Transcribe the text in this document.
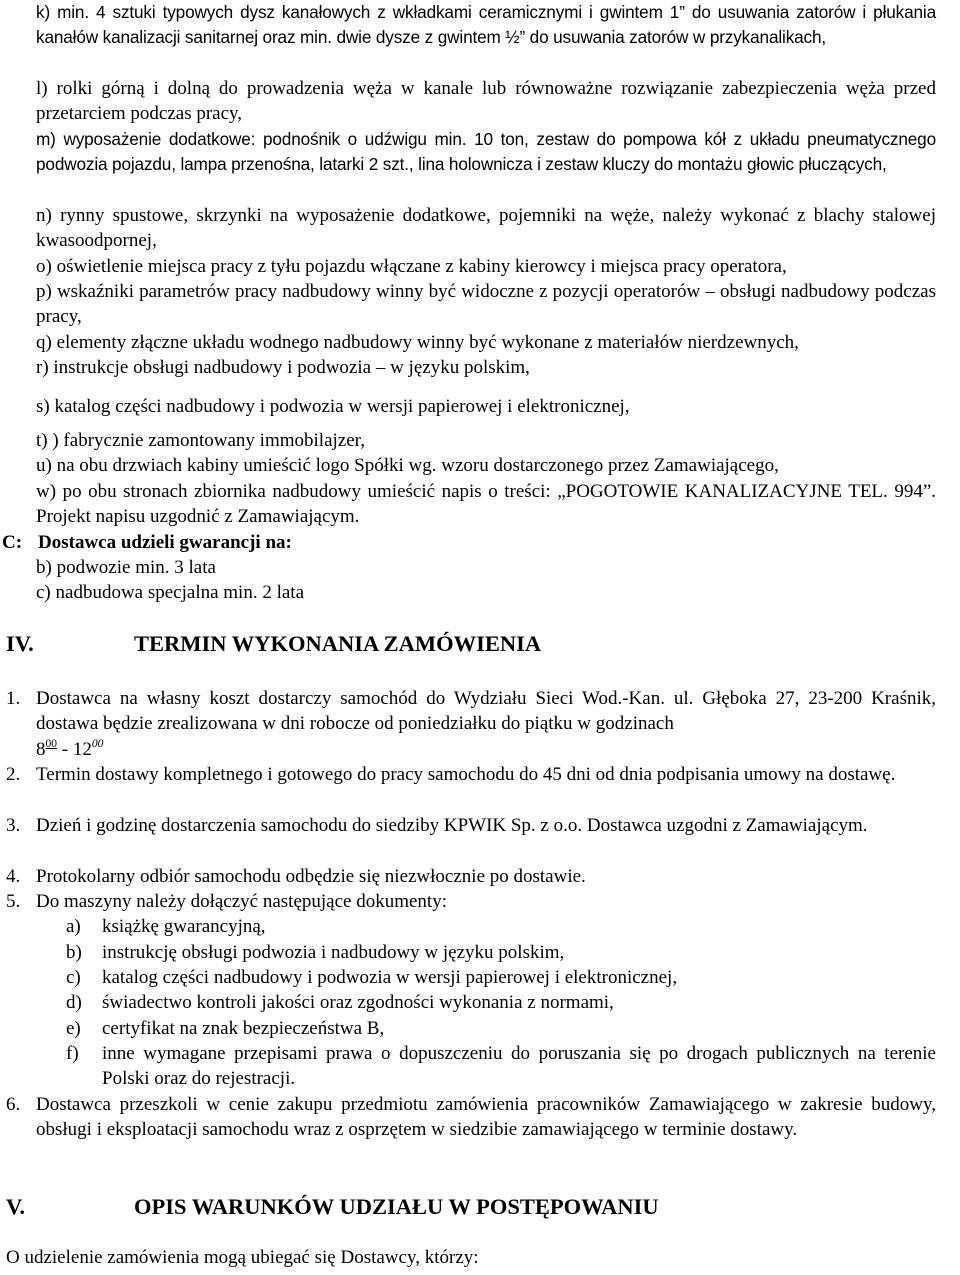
k) min. 4 sztuki typowych dysz kanałowych z wkładkami ceramicznymi i gwintem 1” do usuwania zatorów i płukania kanałów kanalizacji sanitarnej oraz min. dwie dysze z gwintem ½” do usuwania zatorów w przykanalikach,
l) rolki górną i dolną do prowadzenia węża w kanale lub równoważne rozwiązanie zabezpieczenia węża przed przetarciem podczas pracy,
m) wyposażenie dodatkowe: podnośnik o udźwigu min. 10 ton, zestaw do pompowa kół z układu pneumatycznego podwozia pojazdu, lampa przenośna, latarki 2 szt., lina holownicza i zestaw kluczy do montażu głowic płuczących,
n) rynny spustowe, skrzynki na wyposażenie dodatkowe, pojemniki na węże, należy wykonać z blachy stalowej kwasoodpornej,
o) oświetlenie miejsca pracy z tyłu pojazdu włączane z kabiny kierowcy i miejsca pracy operatora,
p) wskaźniki parametrów pracy nadbudowy winny być widoczne z pozycji operatorów – obsługi nadbudowy podczas pracy,
q) elementy złączne układu wodnego nadbudowy winny być wykonane z materiałów nierdzewnych,
r) instrukcje obsługi nadbudowy i podwozia – w języku polskim,
s) katalog części nadbudowy i podwozia w wersji papierowej i elektronicznej,
t) ) fabrycznie zamontowany immobilajzer,
u) na obu drzwiach kabiny umieścić logo Spółki wg. wzoru dostarczonego przez Zamawiającego,
w) po obu stronach zbiornika nadbudowy umieścić napis o treści: „POGOTOWIE KANALIZACYJNE TEL. 994”. Projekt napisu uzgodnić z Zamawiającym.
C: Dostawca udzieli gwarancji na:
b) podwozie min. 3 lata
c) nadbudowa specjalna min. 2 lata
IV.	TERMIN WYKONANIA ZAMÓWIENIA
1. Dostawca na własny koszt dostarczy samochód do Wydziału Sieci Wod.-Kan. ul. Głęboka 27, 23-200 Kraśnik, dostawa będzie zrealizowana w dni robocze od poniedziałku do piątku w godzinach
$8^{00} - 12^{00}$
2. Termin dostawy kompletnego i gotowego do pracy samochodu do 45 dni od dnia podpisania umowy na dostawę.
3. Dzień i godzinę dostarczenia samochodu do siedziby KPWIK Sp. z o.o. Dostawca uzgodni z Zamawiającym.
4. Protokolarny odbiór samochodu odbędzie się niezwłocznie po dostawie.
5. Do maszyny należy dołączyć następujące dokumenty:
a) książkę gwarancyjną,
b) instrukcję obsługi podwozia i nadbudowy w języku polskim,
c) katalog części nadbudowy i podwozia w wersji papierowej i elektronicznej,
d) świadectwo kontroli jakości oraz zgodności wykonania z normami,
e) certyfikat na znak bezpieczeństwa B,
f) inne wymagane przepisami prawa o dopuszczeniu do poruszania się po drogach publicznych na terenie Polski oraz do rejestracji.
6. Dostawca przeszkoli w cenie zakupu przedmiotu zamówienia pracowników Zamawiającego w zakresie budowy, obsługi i eksploatacji samochodu wraz z osprzętem w siedzibie zamawiającego w terminie dostawy.
V.	OPIS WARUNKÓW UDZIAŁU W POSTĘPOWANIU
O udzielenie zamówienia mogą ubiegać się Dostawcy, którzy:
